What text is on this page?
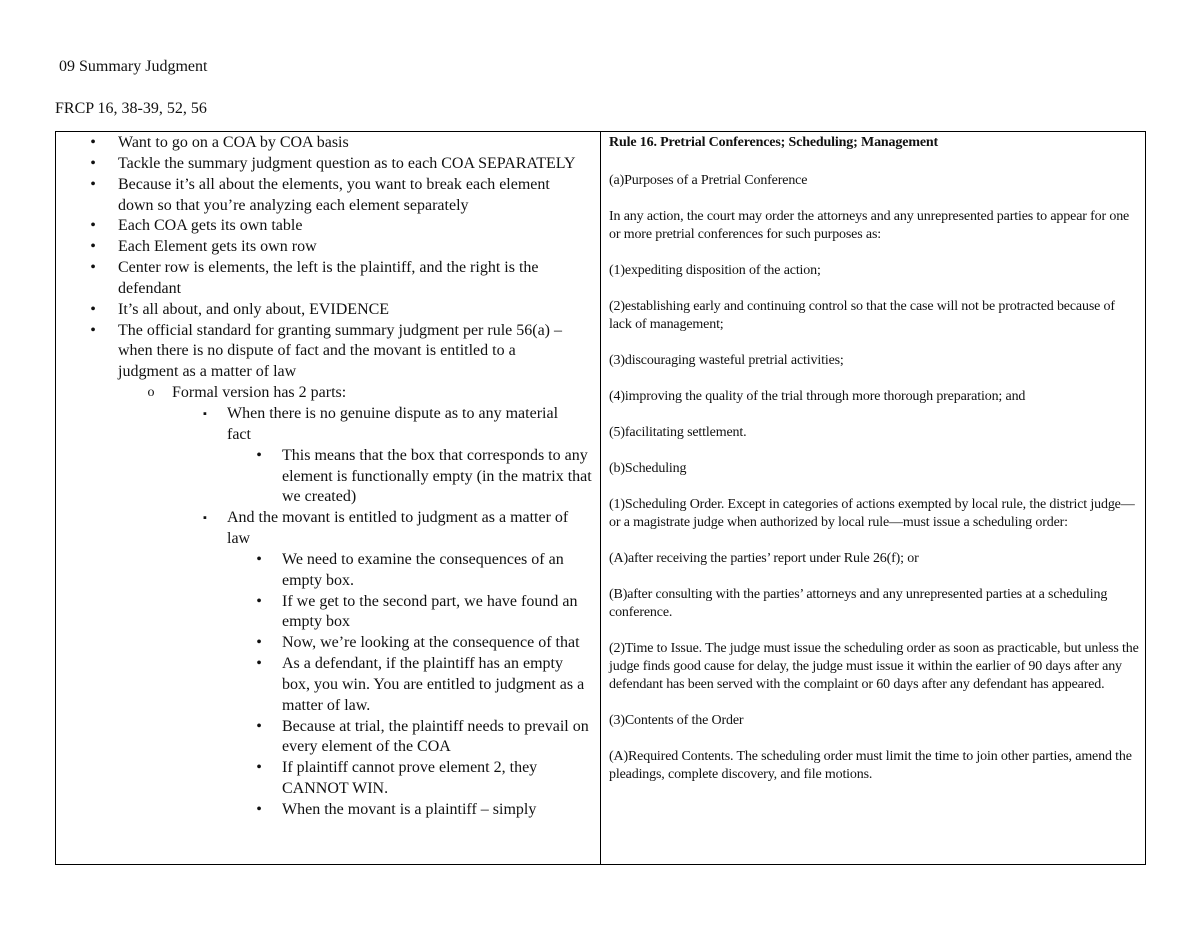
09 Summary Judgment
FRCP 16, 38-39, 52, 56
• Want to go on a COA by COA basis
• Tackle the summary judgment question as to each COA SEPARATELY
• Because it’s all about the elements, you want to break each element down so that you’re analyzing each element separately
• Each COA gets its own table
• Each Element gets its own row
• Center row is elements, the left is the plaintiff, and the right is the defendant
• It’s all about, and only about, EVIDENCE
• The official standard for granting summary judgment per rule 56(a) – when there is no dispute of fact and the movant is entitled to a judgment as a matter of law
o Formal version has 2 parts:
▪	When there is no genuine dispute as to any material fact
• This means that the box that corresponds to any element is functionally empty (in the matrix that we created)
▪	And the movant is entitled to judgment as a matter of law
• We need to examine the consequences of an empty box.
• If we get to the second part, we have found an empty box
• Now, we’re looking at the consequence of that
• As a defendant, if the plaintiff has an empty box, you win. You are entitled to judgment as a matter of law.
• Because at trial, the plaintiff needs to prevail on every element of the COA
• If plaintiff cannot prove element 2, they CANNOT WIN.
• When the movant is a plaintiff – simply

Rule 16. Pretrial Conferences; Scheduling; Management

(a)Purposes of a Pretrial Conference

In any action, the court may order the attorneys and any unrepresented parties to appear for one or more pretrial conferences for such purposes as:

(1)expediting disposition of the action;

(2)establishing early and continuing control so that the case will not be protracted because of lack of management;

(3)discouraging wasteful pretrial activities;

(4)improving the quality of the trial through more thorough preparation; and

(5)facilitating settlement.

(b)Scheduling

(1)Scheduling Order. Except in categories of actions exempted by local rule, the district judge—or a magistrate judge when authorized by local rule—must issue a scheduling order:

(A)after receiving the parties’ report under Rule 26(f); or

(B)after consulting with the parties’ attorneys and any unrepresented parties at a scheduling conference.

(2)Time to Issue. The judge must issue the scheduling order as soon as practicable, but unless the judge finds good cause for delay, the judge must issue it within the earlier of 90 days after any defendant has been served with the complaint or 60 days after any defendant has appeared.

(3)Contents of the Order

(A)Required Contents. The scheduling order must limit the time to join other parties, amend the pleadings, complete discovery, and file motions.
